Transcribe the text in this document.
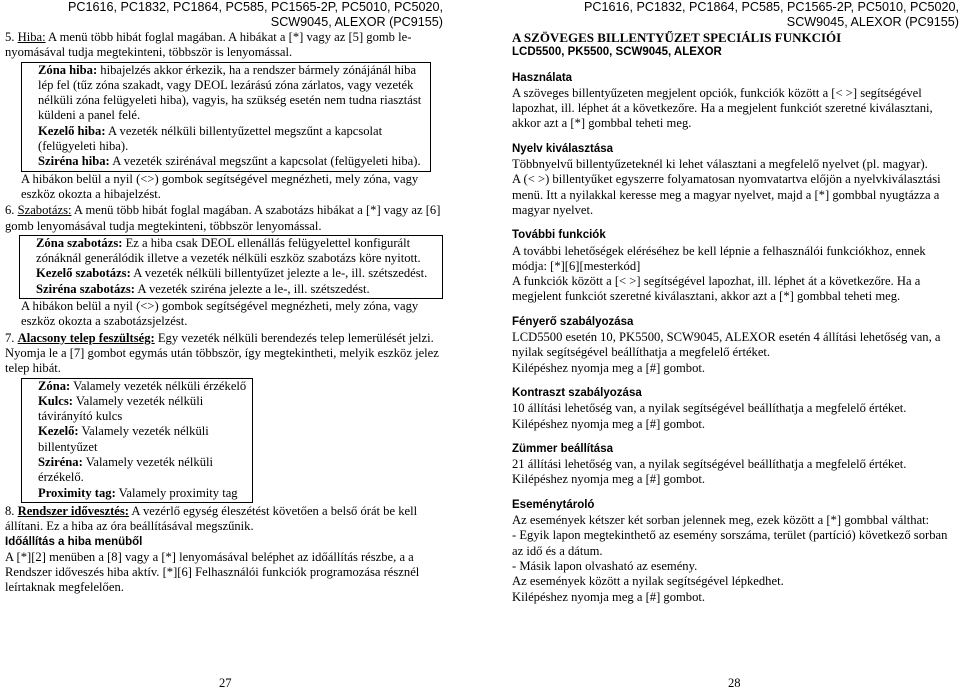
PC1616, PC1832, PC1864, PC585, PC1565-2P, PC5010, PC5020,
SCW9045, ALEXOR (PC9155)

5. Hiba: A menü több hibát foglal magában. A hibákat a [*] vagy az [5] gomb le-
nyomásával tudja megtekinteni, többször is lenyomással.

Zóna hiba: hibajelzés akkor érkezik, ha a rendszer bármely zónájánál hiba lép fel (tűz zóna szakadt, vagy DEOL lezárású zóna zárlatos, vagy vezeték nélküli zóna felügyeleti hiba), vagyis, ha szükség esetén nem tudna riasztást küldeni a panel felé.

Kezelő hiba: A vezeték nélküli billentyűzettel megszűnt a kapcsolat (felügyeleti hiba).

Sziréna hiba: A vezeték szirénával megszűnt a kapcsolat (felügyeleti hiba).

A hibákon belül a nyil (<>) gombok segítségével megnézheti, mely zóna, vagy eszköz okozta a hibajelzést.

6. Szabotázs: A menü több hibát foglal magában. A szabotázs hibákat a [*] vagy az [6] gomb lenyomásával tudja megtekinteni, többször lenyomással.

Zóna szabotázs: Ez a hiba csak DEOL ellenállás felügyelettel konfigurált zónáknál generálódik illetve a vezeték nélküli eszköz szabotázs köre nyitott.

Kezelő szabotázs: A vezeték nélküli billentyűzet jelezte a le-, ill. szétszedést.

Sziréna szabotázs: A vezeték sziréna jelezte a le-, ill. szétszedést.

A hibákon belül a nyil (<>) gombok segítségével megnézheti, mely zóna, vagy eszköz okozta a szabotázsjelzést.

7. Alacsony telep feszültség: Egy vezeték nélküli berendezés telep lemerülését jelzi. Nyomja le a [7] gombot egymás után többször, így megtekintheti, melyik eszköz jelez telep hibát.

Zóna: Valamely vezeték nélküli érzékelő

Kulcs: Valamely vezeték nélküli távirányító kulcs

Kezelő: Valamely vezeték nélküli billentyűzet

Sziréna: Valamely vezeték nélküli érzékelő.

Proximity tag: Valamely proximity tag

8. Rendszer idővesztés: A vezérlő egység éleszétést követően a belső órát be kell állítani. Ez a hiba az óra beállításával megszűnik.

Időállítás a hiba menüből

A [*][2] menüben a [8] vagy a [*] lenyomásával beléphet az időállítás részbe, a a Rendszer időveszés hiba aktív. [*][6] Felhasználói funkciók programozása résznél leírtaknak megfelelően.

PC1616, PC1832, PC1864, PC585, PC1565-2P, PC5010, PC5020,
SCW9045, ALEXOR (PC9155)

A SZÖVEGES BILLENTYŰZET SPECIÁLIS FUNKCIÓI

LCD5500, PK5500, SCW9045, ALEXOR

Használata

A szöveges billentyűzeten megjelent opciók, funkciók között a [< >] segítségével lapozhat, ill. léphet át a következőre. Ha a megjelent funkciót szeretné kiválasztani, akkor azt a [*] gombbal teheti meg.

Nyelv kiválasztása

Többnyelvű billentyűzeteknél ki lehet választani a megfelelő nyelvet (pl. magyar).

A (< >) billentyűket egyszerre folyamatosan nyomvatartva előjön a nyelvkiválasztási menü. Itt a nyilakkal keresse meg a magyar nyelvet, majd a [*] gombbal nyugtázza a magyar nyelvet.

További funkciók

A további lehetőségek eléréséhez be kell lépnie a felhasználói funkciókhoz, ennek módja: [*][6][mesterkód]

A funkciók között a [< >] segítségével lapozhat, ill. léphet át a következőre. Ha a megjelent funkciót szeretné kiválasztani, akkor azt a [*] gombbal teheti meg.

Fényerő szabályozása

LCD5500 esetén 10, PK5500, SCW9045, ALEXOR esetén 4 állítási lehetőség van, a nyilak segítségével beállíthatja a megfelelő értéket.

Kilépéshez nyomja meg a [#] gombot.

Kontraszt szabályozása

10 állítási lehetőség van, a nyilak segítségével beállíthatja a megfelelő értéket.

Kilépéshez nyomja meg a [#] gombot.

Zümmer beállítása

21 állítási lehetőség van, a nyilak segítségével beállíthatja a megfelelő értéket.

Kilépéshez nyomja meg a [#] gombot.

Eseménytároló

Az események kétszer két sorban jelennek meg, ezek között a [*] gombbal válthat:

- Egyik lapon megtekinthető az esemény sorszáma, terület (partíció) következő sorban az idő és a dátum.

- Másik lapon olvasható az esemény.

Az események között a nyilak segítségével lépkedhet.

Kilépéshez nyomja meg a [#] gombot.

27	28
